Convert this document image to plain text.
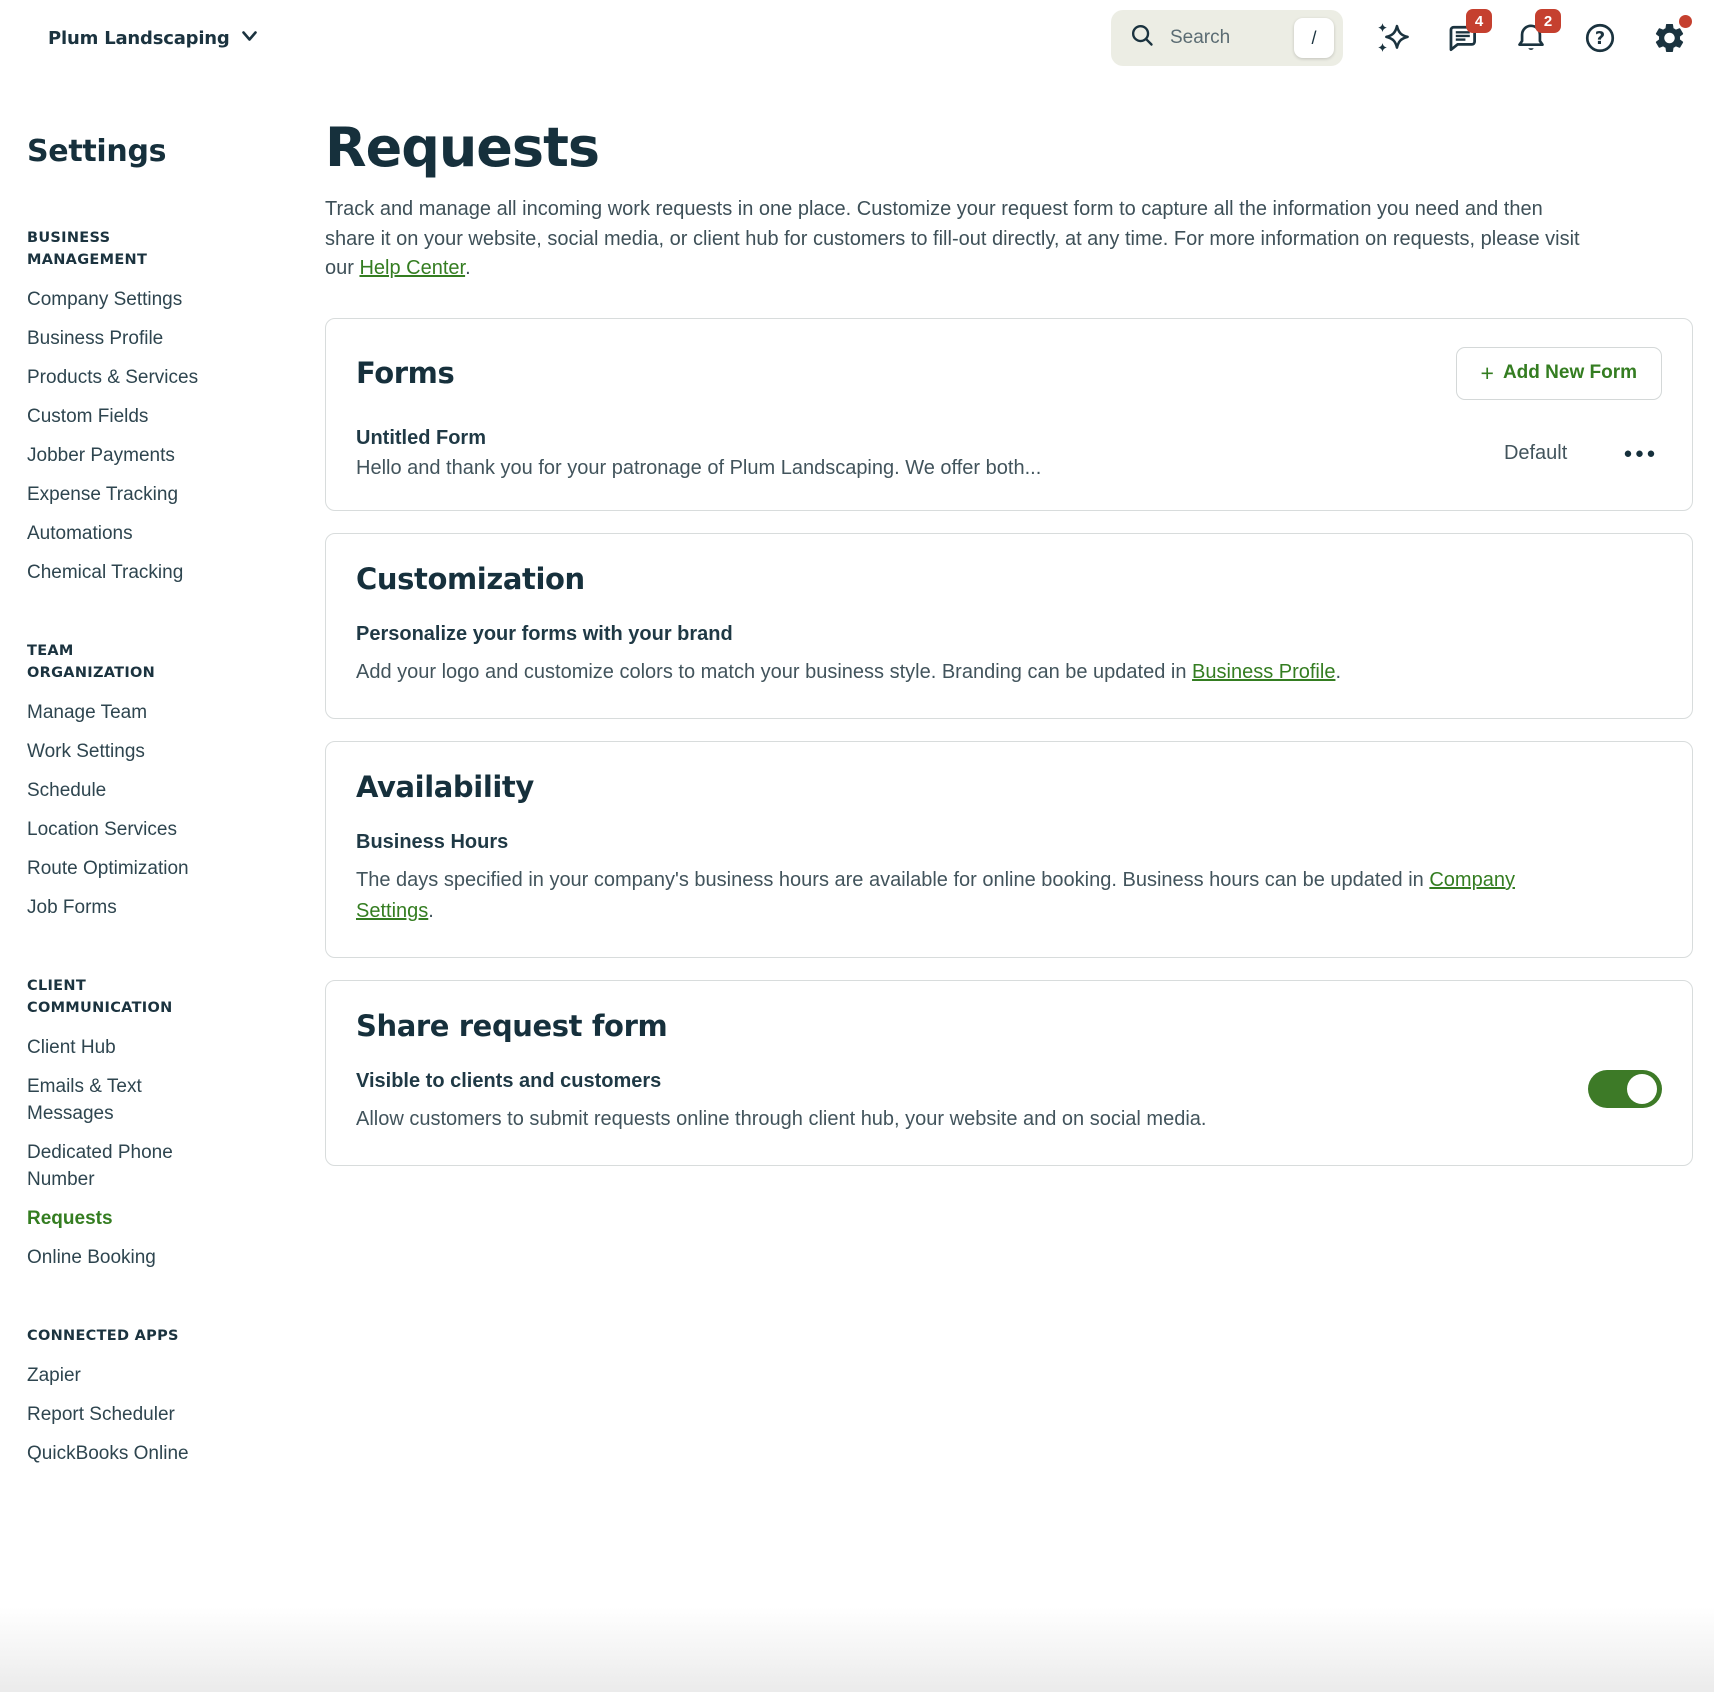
Plum Landscaping
Search	/
4	2
?
Settings
BUSINESS MANAGEMENT
Company Settings
Business Profile
Products & Services
Custom Fields
Jobber Payments
Expense Tracking
Automations
Chemical Tracking
TEAM ORGANIZATION
Manage Team
Work Settings
Schedule
Location Services
Route Optimization
Job Forms
CLIENT COMMUNICATION
Client Hub
Emails & Text Messages
Dedicated Phone Number
Requests
Online Booking
CONNECTED APPS
Zapier
Report Scheduler
QuickBooks Online
Requests

Track and manage all incoming work requests in one place. Customize your request form to capture all the information you need and then share it on your website, social media, or client hub for customers to fill-out directly, at any time. For more information on requests, please visit our Help Center.

Forms	+ Add New Form
Untitled Form
Hello and thank you for your patronage of Plum Landscaping. We offer both...
Default	●●●
Customization
Personalize your forms with your brand
Add your logo and customize colors to match your business style. Branding can be updated in Business Profile.
Availability
Business Hours
The days specified in your company's business hours are available for online booking. Business hours can be updated in Company Settings.
Share request form
Visible to clients and customers
Allow customers to submit requests online through client hub, your website and on social media.
